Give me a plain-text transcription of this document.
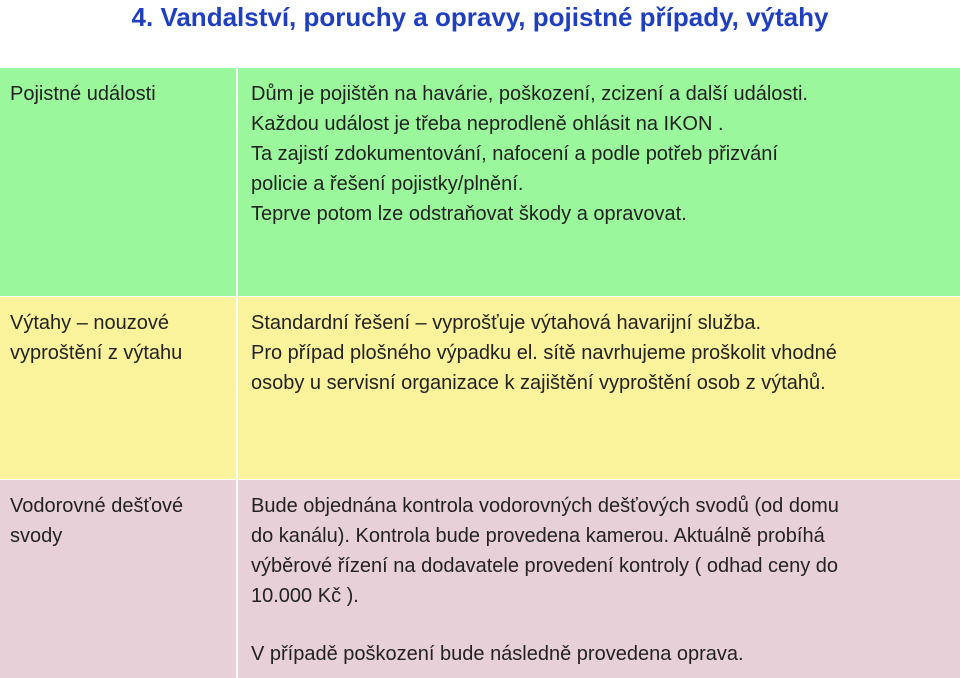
4. Vandalství, poruchy a opravy, pojistné případy, výtahy
Pojistné události	Dům je pojištěn na havárie, poškození, zcizení a další události.
Každou událost je třeba neprodleně ohlásit na IKON .
Ta zajistí zdokumentování, nafocení a podle potřeb přizvání
policie a řešení pojistky/plnění.
Teprve potom lze odstraňovat škody a opravovat.
Výtahy – nouzové vyproštění z výtahu
Standardní řešení – vyprošťuje výtahová havarijní služba.
Pro případ plošného výpadku el. sítě navrhujeme proškolit vhodné
osoby u servisní organizace k zajištění vyproštění osob z výtahů.
Vodorovné dešťové svody
Bude objednána kontrola vodorovných dešťových svodů (od domu
do kanálu). Kontrola bude provedena kamerou. Aktuálně probíhá
výběrové řízení na dodavatele provedení kontroly ( odhad ceny do
10.000 Kč ).
V případě poškození bude následně provedena oprava.
